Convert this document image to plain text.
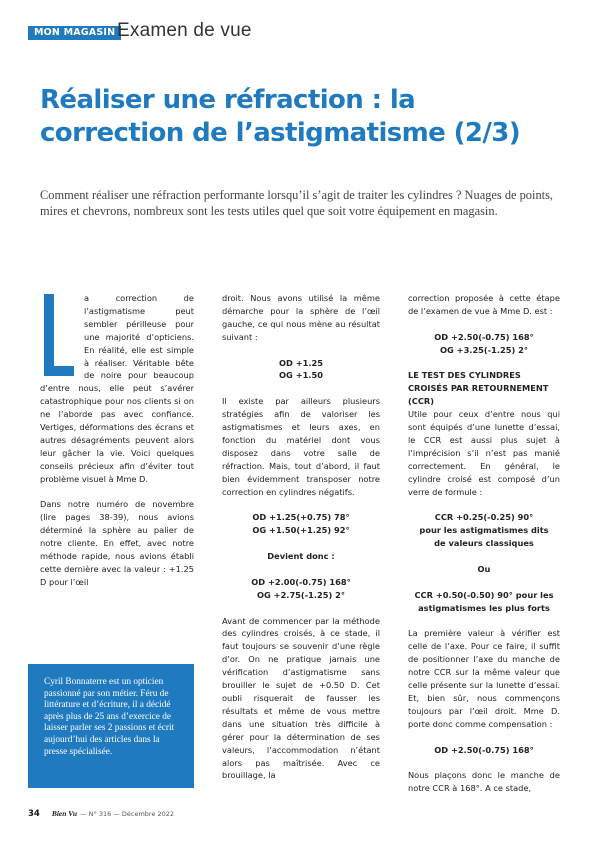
MON MAGASIN Examen de vue
Réaliser une réfraction : la correction de l’astigmatisme (2/3)

Comment réaliser une réfraction performante lorsqu’il s’agit de traiter les cylindres ? Nuages de points, mires et chevrons, nombreux sont les tests utiles quel que soit votre équipement en magasin.

a correction de l’astigmatisme peut sembler périlleuse pour une majorité d’opticiens. En réalité, elle est simple à réaliser. Véritable bête de noire pour beaucoup d’entre nous, elle peut s’avérer catastrophique pour nos clients si on ne l’aborde pas avec confiance. Vertiges, déformations des écrans et autres désagréments peuvent alors leur gâcher la vie. Voici quelques conseils précieux afin d’éviter tout problème visuel à Mme D.

Dans notre numéro de novembre (lire pages 38-39), nous avions déterminé la sphère au palier de notre cliente. En effet, avec notre méthode rapide, nous avions établi cette dernière avec la valeur : +1.25 D pour l’œil

droit. Nous avons utilisé la même démarche pour la sphère de l’œil gauche, ce qui nous mène au résultat suivant :

OD +1.25
OG +1.50

Il existe par ailleurs plusieurs stratégies afin de valoriser les astigmatismes et leurs axes, en fonction du matériel dont vous disposez dans votre salle de réfraction. Mais, tout d’abord, il faut bien évidemment transposer notre correction en cylindres négatifs.

OD +1.25(+0.75) 78°
OG +1.50(+1.25) 92°

Devient donc :

OD +2.00(-0.75) 168°
OG +2.75(-1.25) 2°

Avant de commencer par la méthode des cylindres croisés, à ce stade, il faut toujours se souvenir d’une règle d’or. On ne pratique jamais une vérification d’astigmatisme sans brouiller le sujet de +0.50 D. Cet oubli risquerait de fausser les résultats et même de vous mettre dans une situation très difficile à gérer pour la détermination de ses valeurs, l’accommodation n’étant alors pas maîtrisée. Avec ce brouillage, la

correction proposée à cette étape de l’examen de vue à Mme D. est :

OD +2.50(-0.75) 168°
OG +3.25(-1.25) 2°

LE TEST DES CYLINDRES CROISÉS PAR RETOURNEMENT (CCR)

Utile pour ceux d’entre nous qui sont équipés d’une lunette d’essai, le CCR est aussi plus sujet à l’imprécision s’il n’est pas manié correctement. En général, le cylindre croisé est composé d’un verre de formule :

CCR +0.25(-0.25) 90°
pour les astigmatismes dits
de valeurs classiques

Ou

CCR +0.50(-0.50) 90° pour les
astigmatismes les plus forts

La première valeur à vérifier est celle de l’axe. Pour ce faire, il suffit de positionner l’axe du manche de notre CCR sur la même valeur que celle présente sur la lunette d’essai. Et, bien sûr, nous commençons toujours par l’œil droit. Mme D. porte donc comme compensation :

OD +2.50(-0.75) 168°

Nous plaçons donc le manche de notre CCR à 168°. A ce stade,

Cyril Bonnaterre est un opticien passionné par son métier. Féru de littérature et d’écriture, il a décidé après plus de 25 ans d’exercice de laisser parler ses 2 passions et écrit aujourd’hui des articles dans la presse spécialisée.

34 Bien Vu — N° 316 — Décembre 2022
